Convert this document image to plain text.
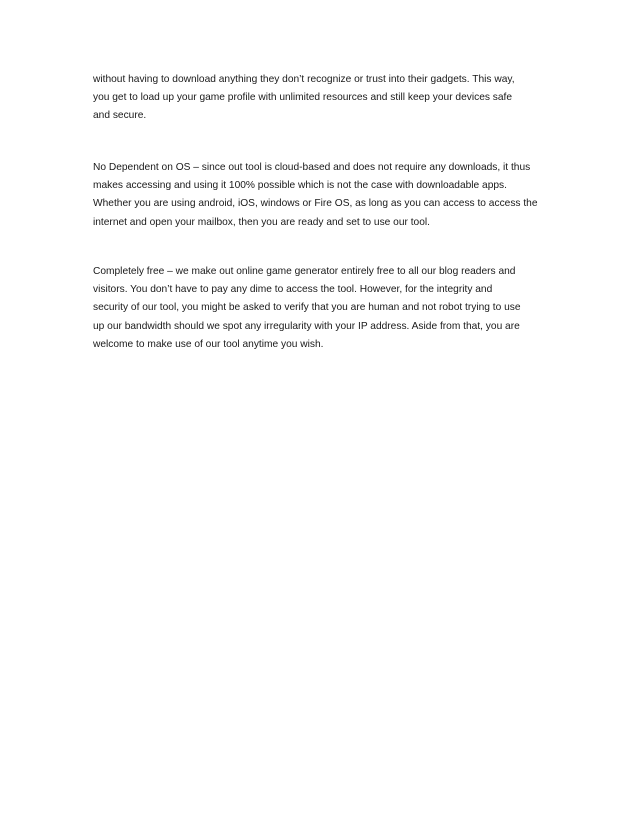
without having to download anything they don’t recognize or trust into their gadgets. This way,
you get to load up your game profile with unlimited resources and still keep your devices safe
and secure.

No Dependent on OS – since out tool is cloud-based and does not require any downloads, it thus
makes accessing and using it 100% possible which is not the case with downloadable apps.
Whether you are using android, iOS, windows or Fire OS, as long as you can access to access the
internet and open your mailbox, then you are ready and set to use our tool.

Completely free – we make out online game generator entirely free to all our blog readers and
visitors. You don’t have to pay any dime to access the tool. However, for the integrity and
security of our tool, you might be asked to verify that you are human and not robot trying to use
up our bandwidth should we spot any irregularity with your IP address. Aside from that, you are
welcome to make use of our tool anytime you wish.
